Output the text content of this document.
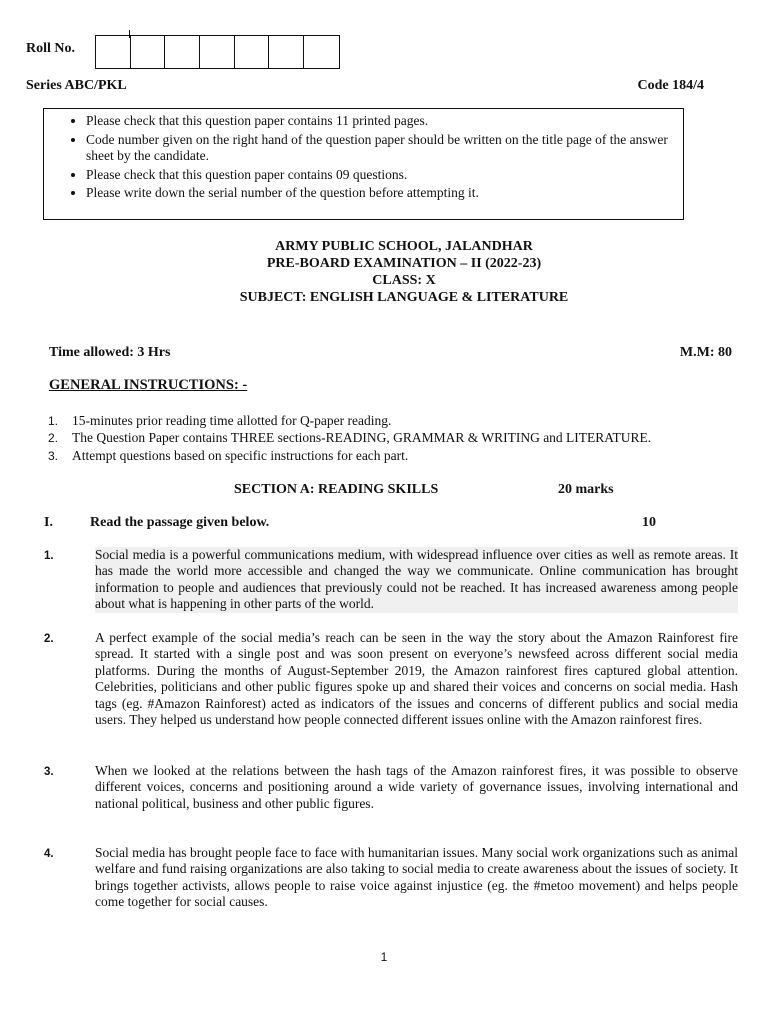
Roll No.
Series ABC/PKL	Code 184/4
• Please check that this question paper contains 11 printed pages.
• Code number given on the right hand of the question paper should be written on the title page of the answer sheet by the candidate.
• Please check that this question paper contains 09 questions.
• Please write down the serial number of the question before attempting it.
ARMY PUBLIC SCHOOL, JALANDHAR
PRE-BOARD EXAMINATION – II (2022-23)
CLASS: X
SUBJECT: ENGLISH LANGUAGE & LITERATURE
Time allowed: 3 Hrs	M.M: 80
GENERAL INSTRUCTIONS: -
1. 15-minutes prior reading time allotted for Q-paper reading.
2. The Question Paper contains THREE sections-READING, GRAMMAR & WRITING and LITERATURE.
3. Attempt questions based on specific instructions for each part.
SECTION A: READING SKILLS	20 marks
I.	Read the passage given below.	10
1.	Social media is a powerful communications medium, with widespread influence over cities as well as remote areas. It has made the world more accessible and changed the way we communicate. Online communication has brought information to people and audiences that previously could not be reached. It has increased awareness among people about what is happening in other parts of the world.
2.	A perfect example of the social media’s reach can be seen in the way the story about the Amazon Rainforest fire spread. It started with a single post and was soon present on everyone’s newsfeed across different social media platforms. During the months of August-September 2019, the Amazon rainforest fires captured global attention. Celebrities, politicians and other public figures spoke up and shared their voices and concerns on social media. Hash tags (eg. #Amazon Rainforest) acted as indicators of the issues and concerns of different publics and social media users. They helped us understand how people connected different issues online with the Amazon rainforest fires.
3.	When we looked at the relations between the hash tags of the Amazon rainforest fires, it was possible to observe different voices, concerns and positioning around a wide variety of governance issues, involving international and national political, business and other public figures.
4.	Social media has brought people face to face with humanitarian issues. Many social work organizations such as animal welfare and fund raising organizations are also taking to social media to create awareness about the issues of society. It brings together activists, allows people to raise voice against injustice (eg. the #metoo movement) and helps people come together for social causes.
1
